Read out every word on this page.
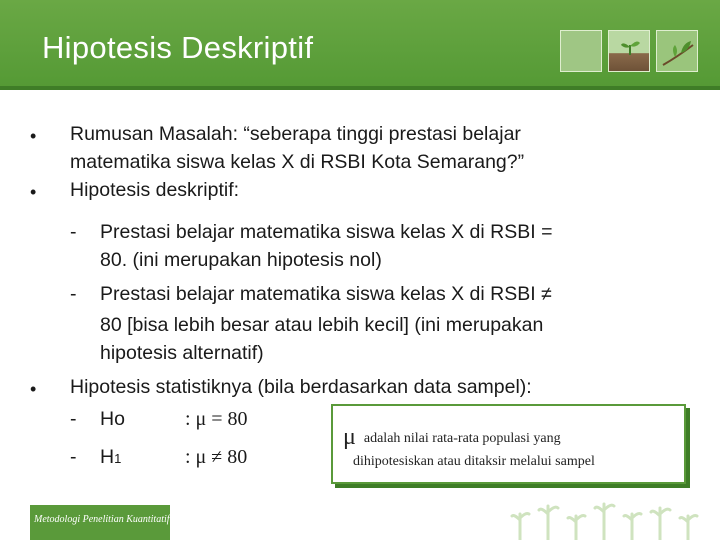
Hipotesis Deskriptif
• Rumusan Masalah: “seberapa tinggi prestasi belajar
matematika siswa kelas X di RSBI Kota Semarang?”
• Hipotesis deskriptif:
- Prestasi belajar matematika siswa kelas X di RSBI =
80. (ini merupakan hipotesis nol)
- Prestasi belajar matematika siswa kelas X di RSBI ≠
80 [bisa lebih besar atau lebih kecil] (ini merupakan
hipotesis alternatif)
• Hipotesis statistiknya (bila berdasarkan data sampel):
- Ho	: μ = 80
- H1	: μ ≠ 80
μadalah nilai rata-rata populasi yang
dihipotesiskan atau ditaksir melalui sampel
Metodologi Penelitian Kuantitatif
